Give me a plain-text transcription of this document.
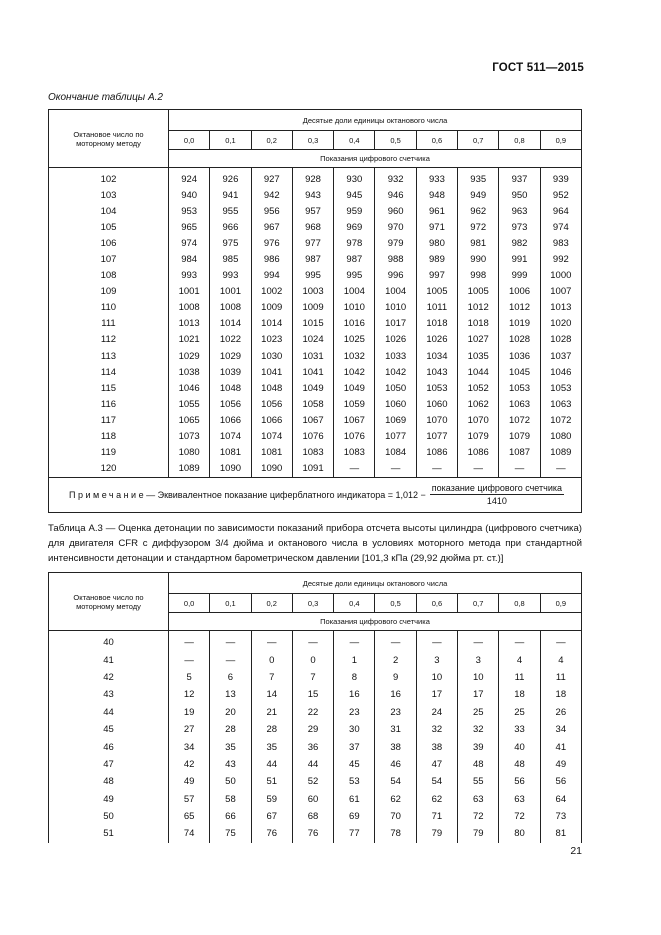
ГОСТ 511—2015
Окончание таблицы А.2
Октановое число по моторному методу	Десятые доли единицы октанового числа									
	0,0	0,1	0,2	0,3	0,4	0,5	0,6	0,7	0,8	0,9
	Показания цифрового счетчика									
102	924	926	927	928	930	932	933	935	937	939
103	940	941	942	943	945	946	948	949	950	952
104	953	955	956	957	959	960	961	962	963	964
105	965	966	967	968	969	970	971	972	973	974
106	974	975	976	977	978	979	980	981	982	983
107	984	985	986	987	987	988	989	990	991	992
108	993	993	994	995	995	996	997	998	999	1000
109	1001	1001	1002	1003	1004	1004	1005	1005	1006	1007
110	1008	1008	1009	1009	1010	1010	1011	1012	1012	1013
111	1013	1014	1014	1015	1016	1017	1018	1018	1019	1020
112	1021	1022	1023	1024	1025	1026	1026	1027	1028	1028
113	1029	1029	1030	1031	1032	1033	1034	1035	1036	1037
114	1038	1039	1041	1041	1042	1042	1043	1044	1045	1046
115	1046	1048	1048	1049	1049	1050	1053	1052	1053	1053
116	1055	1056	1056	1058	1059	1060	1060	1062	1063	1063
117	1065	1066	1066	1067	1067	1069	1070	1070	1072	1072
118	1073	1074	1074	1076	1076	1077	1077	1079	1079	1080
119	1080	1081	1081	1083	1083	1084	1086	1086	1087	1089
120	1089	1090	1090	1091	—	—	—	—	—	—

Примечание — Эквивалентное показание циферблатного индикатора = $1,012 - \frac{\text{показание цифрового счетчика}}{1410}$
Таблица А.3 — Оценка детонации по зависимости показаний прибора отсчета высоты цилиндра (цифрового счетчика) для двигателя CFR с диффузором 3/4 дюйма и октанового числа в условиях моторного метода при стандартной интенсивности детонации и стандартном барометрическом давлении [101,3 кПа (29,92 дюйма рт. ст.)]
Октановое число по моторному методу	Десятые доли единицы октанового числа									
	0,0	0,1	0,2	0,3	0,4	0,5	0,6	0,7	0,8	0,9
	Показания цифрового счетчика									
40	—	—	—	—	—	—	—	—	—	—
41	—	—	0	0	1	2	3	3	4	4
42	5	6	7	7	8	9	10	10	11	11
43	12	13	14	15	16	16	17	17	18	18
44	19	20	21	22	23	23	24	25	25	26
45	27	28	28	29	30	31	32	32	33	34
46	34	35	35	36	37	38	38	39	40	41
47	42	43	44	44	45	46	47	48	48	49
48	49	50	51	52	53	54	54	55	56	56
49	57	58	59	60	61	62	62	63	63	64
50	65	66	67	68	69	70	71	72	72	73
51	74	75	76	76	77	78	79	79	80	81
21
